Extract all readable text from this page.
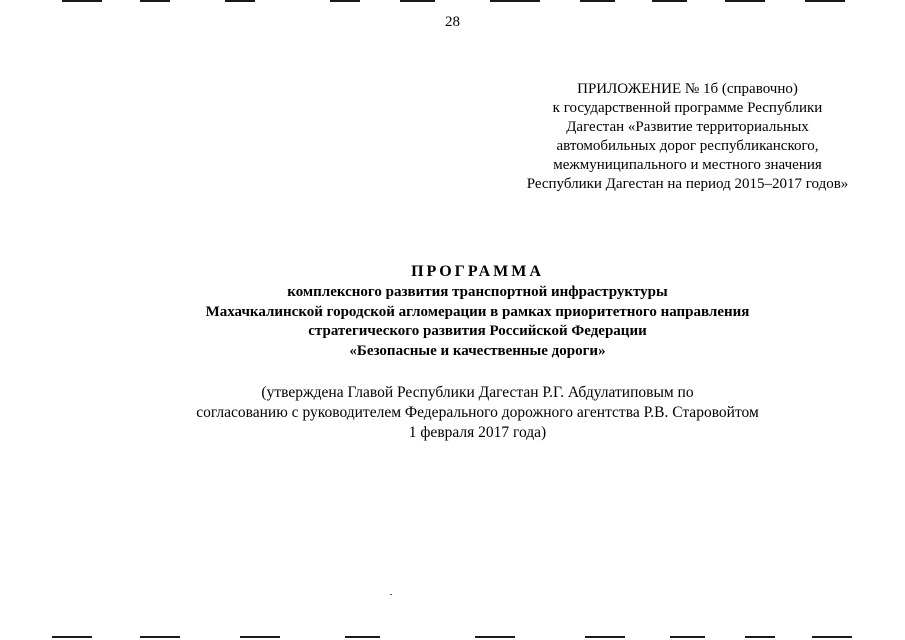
28
ПРИЛОЖЕНИЕ № 1б (справочно)
к государственной программе Республики
Дагестан «Развитие территориальных
автомобильных дорог республиканского,
межмуниципального и местного значения
Республики Дагестан на период 2015–2017 годов»
ПРОГРАММА
комплексного развития транспортной инфраструктуры
Махачкалинской городской агломерации в рамках приоритетного направления
стратегического развития Российской Федерации
«Безопасные и качественные дороги»
(утверждена Главой Республики Дагестан Р.Г. Абдулатиповым по
согласованию с руководителем Федерального дорожного агентства Р.В. Старовойтом
1 февраля 2017 года)
